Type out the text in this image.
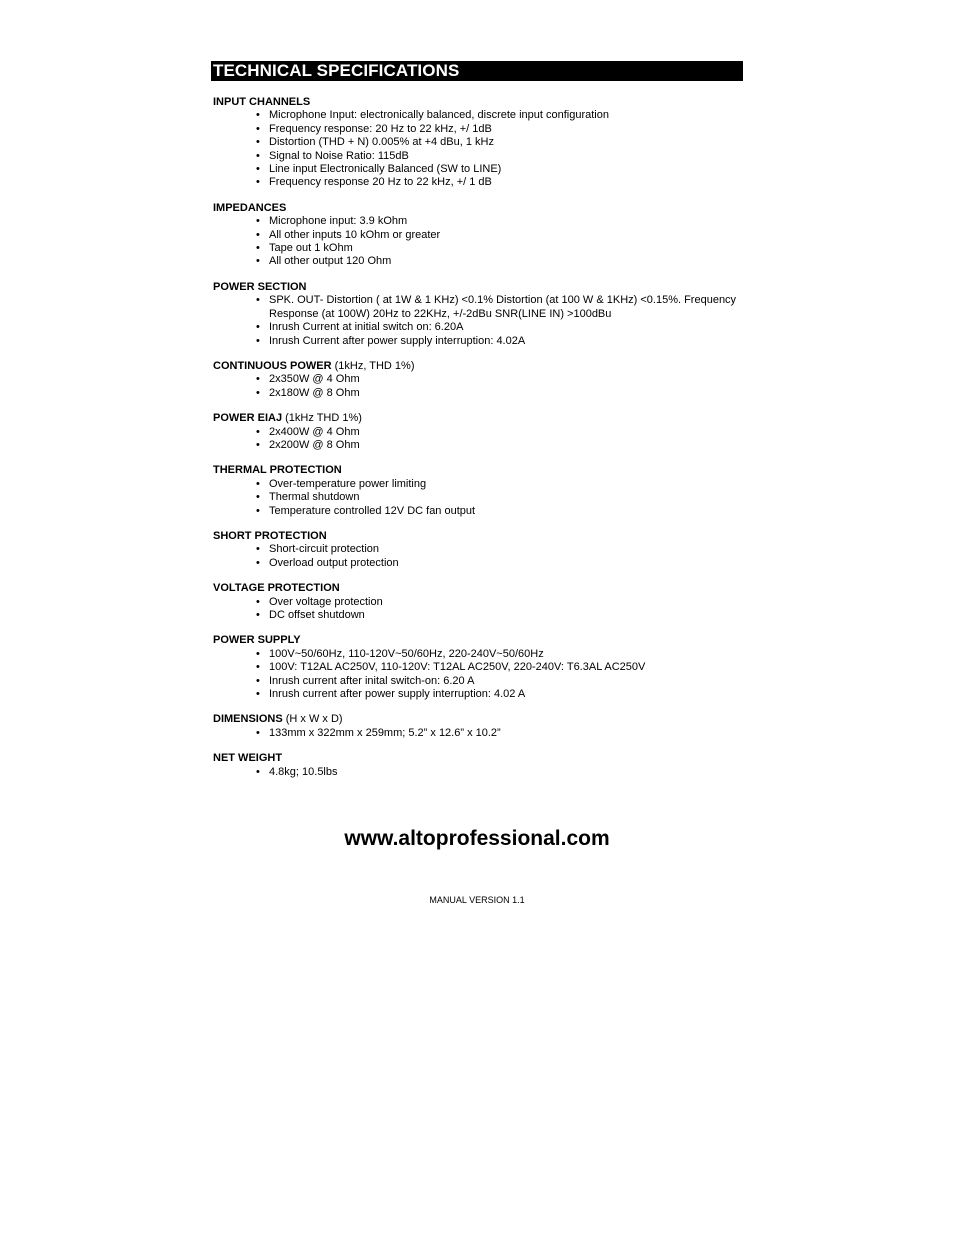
TECHNICAL SPECIFICATIONS
INPUT CHANNELS
• Microphone Input: electronically balanced, discrete input configuration
• Frequency response: 20 Hz to 22 kHz, +/ 1dB
• Distortion (THD + N) 0.005% at +4 dBu, 1 kHz
• Signal to Noise Ratio: 115dB
• Line input Electronically Balanced (SW to LINE)
• Frequency response 20 Hz to 22 kHz, +/ 1 dB
IMPEDANCES
• Microphone input: 3.9 kOhm
• All other inputs 10 kOhm or greater
• Tape out 1 kOhm
• All other output 120 Ohm
POWER SECTION
• SPK. OUT- Distortion ( at 1W & 1 KHz) <0.1% Distortion (at 100 W & 1KHz) <0.15%. Frequency Response (at 100W) 20Hz to 22KHz, +/-2dBu SNR(LINE IN) >100dBu
• Inrush Current at initial switch on: 6.20A
• Inrush Current after power supply interruption: 4.02A
CONTINUOUS POWER (1kHz, THD 1%)
• 2x350W @ 4 Ohm
• 2x180W @ 8 Ohm
POWER EIAJ (1kHz THD 1%)
• 2x400W @ 4 Ohm
• 2x200W @ 8 Ohm
THERMAL PROTECTION
• Over-temperature power limiting
• Thermal shutdown
• Temperature controlled 12V DC fan output
SHORT PROTECTION
• Short-circuit protection
• Overload output protection
VOLTAGE PROTECTION
• Over voltage protection
• DC offset shutdown
POWER SUPPLY
• 100V~50/60Hz, 110-120V~50/60Hz, 220-240V~50/60Hz
• 100V: T12AL AC250V, 110-120V: T12AL AC250V, 220-240V: T6.3AL AC250V
• Inrush current after inital switch-on: 6.20 A
• Inrush current after power supply interruption: 4.02 A
DIMENSIONS (H x W x D)
• 133mm x 322mm x 259mm; 5.2” x 12.6” x 10.2”
NET WEIGHT
• 4.8kg; 10.5lbs
www.altoprofessional.com
MANUAL VERSION 1.1
